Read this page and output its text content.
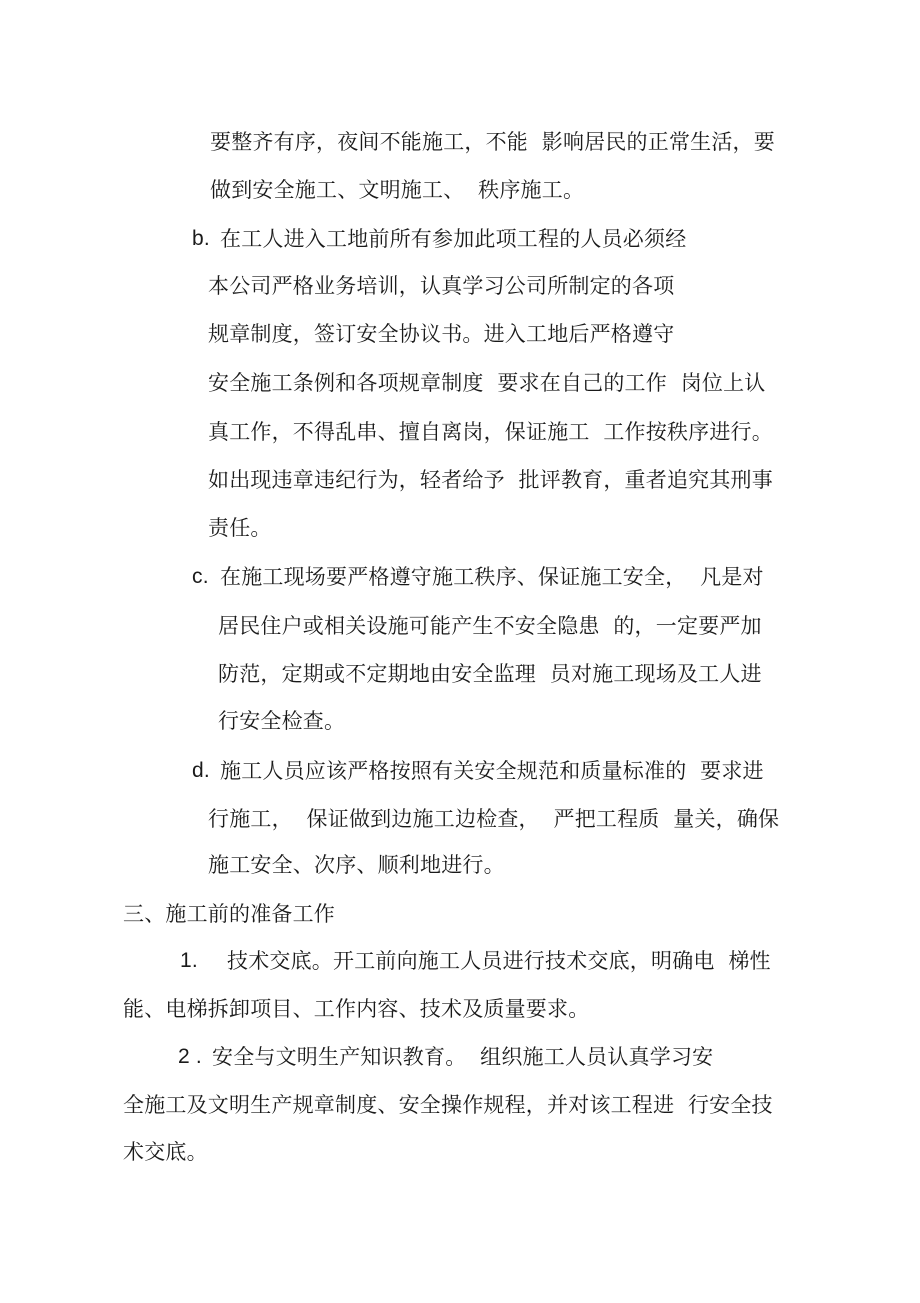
要整齐有序，夜间不能施工，不能  影响居民的正常生活，要
做到安全施工、文明施工、  秩序施工。
b. 在工人进入工地前所有参加此项工程的人员必须经
本公司严格业务培训，认真学习公司所制定的各项
规章制度，签订安全协议书。进入工地后严格遵守
安全施工条例和各项规章制度  要求在自己的工作  岗位上认
真工作，不得乱串、擅自离岗，保证施工  工作按秩序进行。
如出现违章违纪行为，轻者给予  批评教育，重者追究其刑事
责任。
c. 在施工现场要严格遵守施工秩序、保证施工安全，  凡是对
居民住户或相关设施可能产生不安全隐患  的，一定要严加
防范，定期或不定期地由安全监理  员对施工现场及工人进
行安全检查。
d. 施工人员应该严格按照有关安全规范和质量标准的  要求进
行施工，  保证做到边施工边检查，  严把工程质  量关，确保
施工安全、次序、顺利地进行。
三、施工前的准备工作
1. 技术交底。开工前向施工人员进行技术交底，明确电  梯性
能、电梯拆卸项目、工作内容、技术及质量要求。
2 . 安全与文明生产知识教育。  组织施工人员认真学习安
全施工及文明生产规章制度、安全操作规程，并对该工程进  行安全技
术交底。
